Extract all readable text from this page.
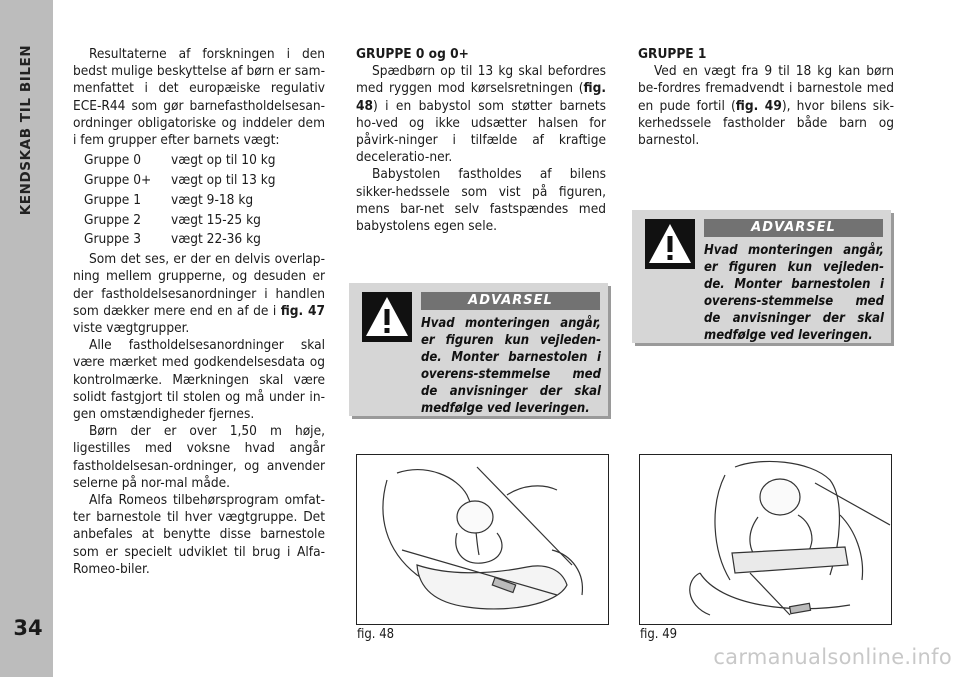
KENDSKAB TIL BILEN
34

Resultaterne af forskningen i den bedst mulige beskyttelse af børn er sam-menfattet i det europæiske regulativ ECE-R44 som gør barnefastholdelsesan-ordninger obligatoriske og inddeler dem i fem grupper efter barnets vægt:

Gruppe 0	vægt op til 10 kg
Gruppe 0+	vægt op til 13 kg
Gruppe 1	vægt 9-18 kg
Gruppe 2	vægt 15-25 kg
Gruppe 3	vægt 22-36 kg

Som det ses, er der en delvis overlap-ning mellem grupperne, og desuden er der fastholdelsesanordninger i handlen som dækker mere end en af de i fig. 47 viste vægtgrupper.

Alle fastholdelsesanordninger skal være mærket med godkendelsesdata og kontrolmærke. Mærkningen skal være solidt fastgjort til stolen og må under in-gen omstændigheder fjernes.

Børn der er over 1,50 m høje, ligestilles med voksne hvad angår fastholdelsesan-ordninger, og anvender selerne på nor-mal måde.

Alfa Romeos tilbehørsprogram omfat-ter barnestole til hver vægtgruppe. Det anbefales at benytte disse barnestole som er specielt udviklet til brug i Alfa-Romeo-biler.

GRUPPE 0 og 0+

Spædbørn op til 13 kg skal befordres med ryggen mod kørselsretningen (fig. 48) i en babystol som støtter barnets ho-ved og ikke udsætter halsen for påvirk-ninger i tilfælde af kraftige deceleratio-ner.

Babystolen fastholdes af bilens sikker-hedssele som vist på figuren, mens bar-net selv fastspændes med babystolens egen sele.

GRUPPE 1

Ved en vægt fra 9 til 18 kg kan børn be-fordres fremadvendt i barnestole med en pude fortil (fig. 49), hvor bilens sik-kerhedssele fastholder både barn og barnestol.

ADVARSEL
Hvad monteringen angår, er figuren kun vejleden-de. Monter barnestolen i overens-stemmelse med de anvisninger der skal medfølge ved leveringen.
ADVARSEL
Hvad monteringen angår, er figuren kun vejleden-de. Monter barnestolen i overens-stemmelse med de anvisninger der skal medfølge ved leveringen.
fig. 48	fig. 49
carmanualsonline.info
